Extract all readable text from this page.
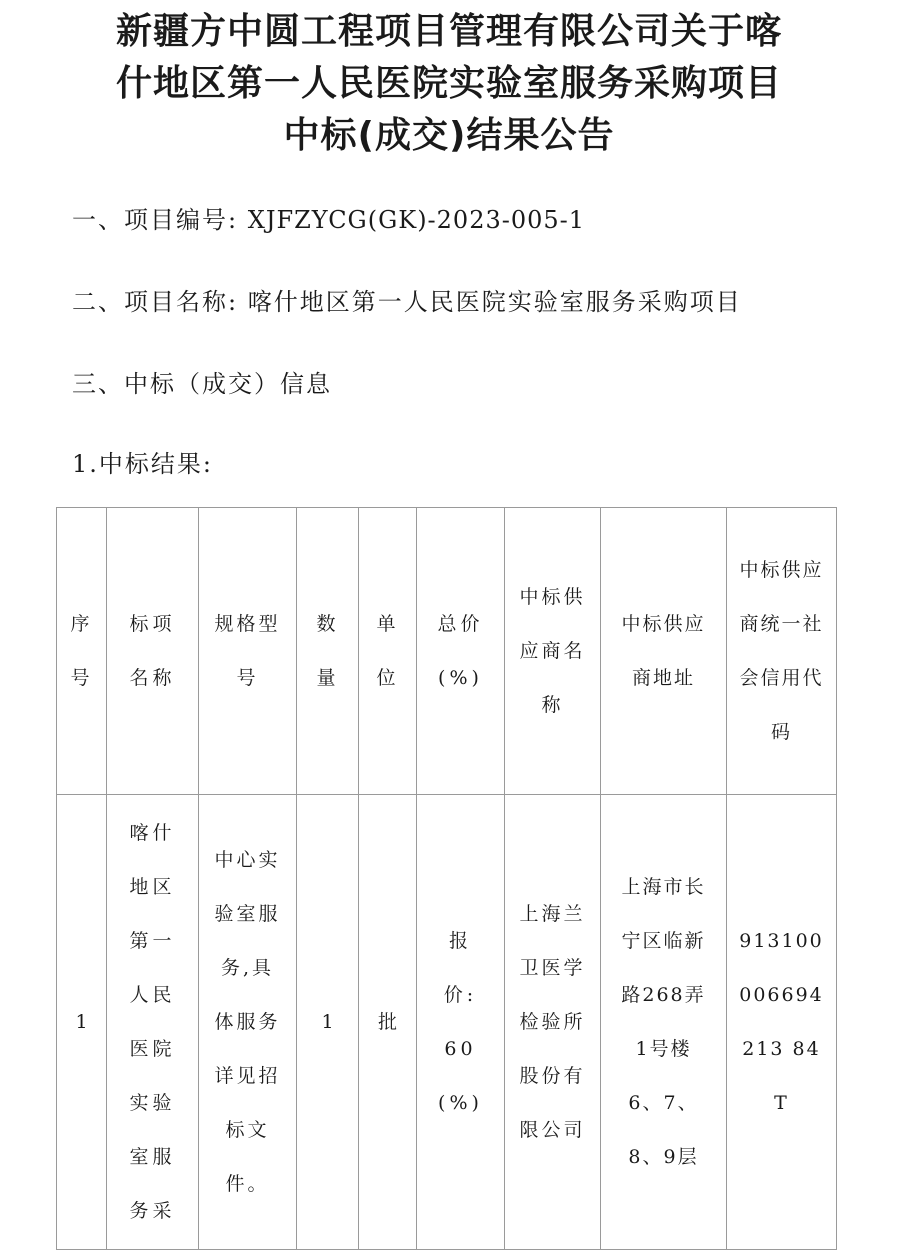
新疆方中圆工程项目管理有限公司关于喀
什地区第一人民医院实验室服务采购项目
中标(成交)结果公告

一、项目编号: XJFZYCG(GK)-2023-005-1

二、项目名称: 喀什地区第一人民医院实验室服务采购项目

三、中标（成交）信息

1.中标结果:

序号	标项名称	规格型号	数量	单位	总价(%)	中标供应商名称	中标供应商地址	中标供应商统一社会信用代码
1	喀什地区第一人民医院实验室服务采	中心实验室服务,具体服务详见招标文件。	1	批	报价:60(%)	上海兰卫医学检验所股份有限公司	上海市长宁区临新路268弄1号楼6、7、8、9层	913100006694213 84T
